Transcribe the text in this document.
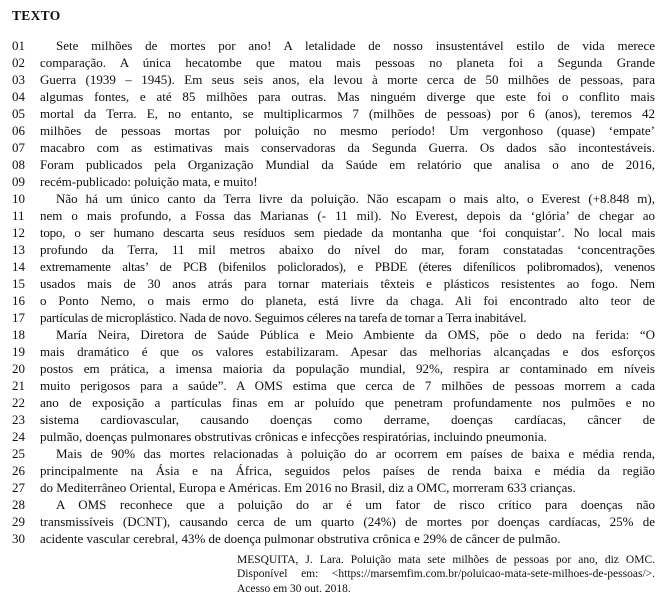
TEXTO
01	Sete milhões de mortes por ano! A letalidade de nosso insustentável estilo de vida merece
02	comparação. A única hecatombe que matou mais pessoas no planeta foi a Segunda Grande
03	Guerra (1939 – 1945). Em seus seis anos, ela levou à morte cerca de 50 milhões de pessoas, para
04	algumas fontes, e até 85 milhões para outras. Mas ninguém diverge que este foi o conflito mais
05	mortal da Terra. E, no entanto, se multiplicarmos 7 (milhões de pessoas) por 6 (anos), teremos 42
06	milhões de pessoas mortas por poluição no mesmo período! Um vergonhoso (quase) ‘empate’
07	macabro com as estimativas mais conservadoras da Segunda Guerra. Os dados são incontestáveis.
08	Foram publicados pela Organização Mundial da Saúde em relatório que analisa o ano de 2016,
09	recém-publicado: poluição mata, e muito!
10	Não há um único canto da Terra livre da poluição. Não escapam o mais alto, o Everest (+8.848 m),
11	nem o mais profundo, a Fossa das Marianas (- 11 mil). No Everest, depois da ‘glória’ de chegar ao
12	topo, o ser humano descarta seus resíduos sem piedade da montanha que ‘foi conquistar’. No local mais
13	profundo da Terra, 11 mil metros abaixo do nível do mar, foram constatadas ‘concentrações
14	extremamente altas’ de PCB (bifenilos policlorados), e PBDE (éteres difenílicos polibromados), venenos
15	usados mais de 30 anos atrás para tornar materiais têxteis e plásticos resistentes ao fogo. Nem
16	o Ponto Nemo, o mais ermo do planeta, está livre da chaga. Ali foi encontrado alto teor de
17	partículas de microplástico. Nada de novo. Seguimos céleres na tarefa de tornar a Terra inabitável.
18	María Neira, Diretora de Saúde Pública e Meio Ambiente da OMS, põe o dedo na ferida: “O
19	mais dramático é que os valores estabilizaram. Apesar das melhorias alcançadas e dos esforços
20	postos em prática, a imensa maioria da população mundial, 92%, respira ar contaminado em níveis
21	muito perigosos para a saúde”. A OMS estima que cerca de 7 milhões de pessoas morrem a cada
22	ano de exposição a partículas finas em ar poluído que penetram profundamente nos pulmões e no
23	sistema cardiovascular, causando doenças como derrame, doenças cardíacas, câncer de
24	pulmão, doenças pulmonares obstrutivas crônicas e infecções respiratórias, incluindo pneumonia.
25	Mais de 90% das mortes relacionadas à poluição do ar ocorrem em países de baixa e média renda,
26	principalmente na Ásia e na África, seguidos pelos países de renda baixa e média da região
27	do Mediterrâneo Oriental, Europa e Américas. Em 2016 no Brasil, diz a OMC, morreram 633 crianças.
28	A OMS reconhece que a poluição do ar é um fator de risco crítico para doenças não
29	transmissíveis (DCNT), causando cerca de um quarto (24%) de mortes por doenças cardíacas, 25% de
30	acidente vascular cerebral, 43% de doença pulmonar obstrutiva crônica e 29% de câncer de pulmão.
MESQUITA, J. Lara. Poluição mata sete milhões de pessoas por ano, diz OMC.
Disponível em: <https://marsemfim.com.br/poluicao-mata-sete-milhoes-de-pessoas/>.
Acesso em 30 out. 2018.
